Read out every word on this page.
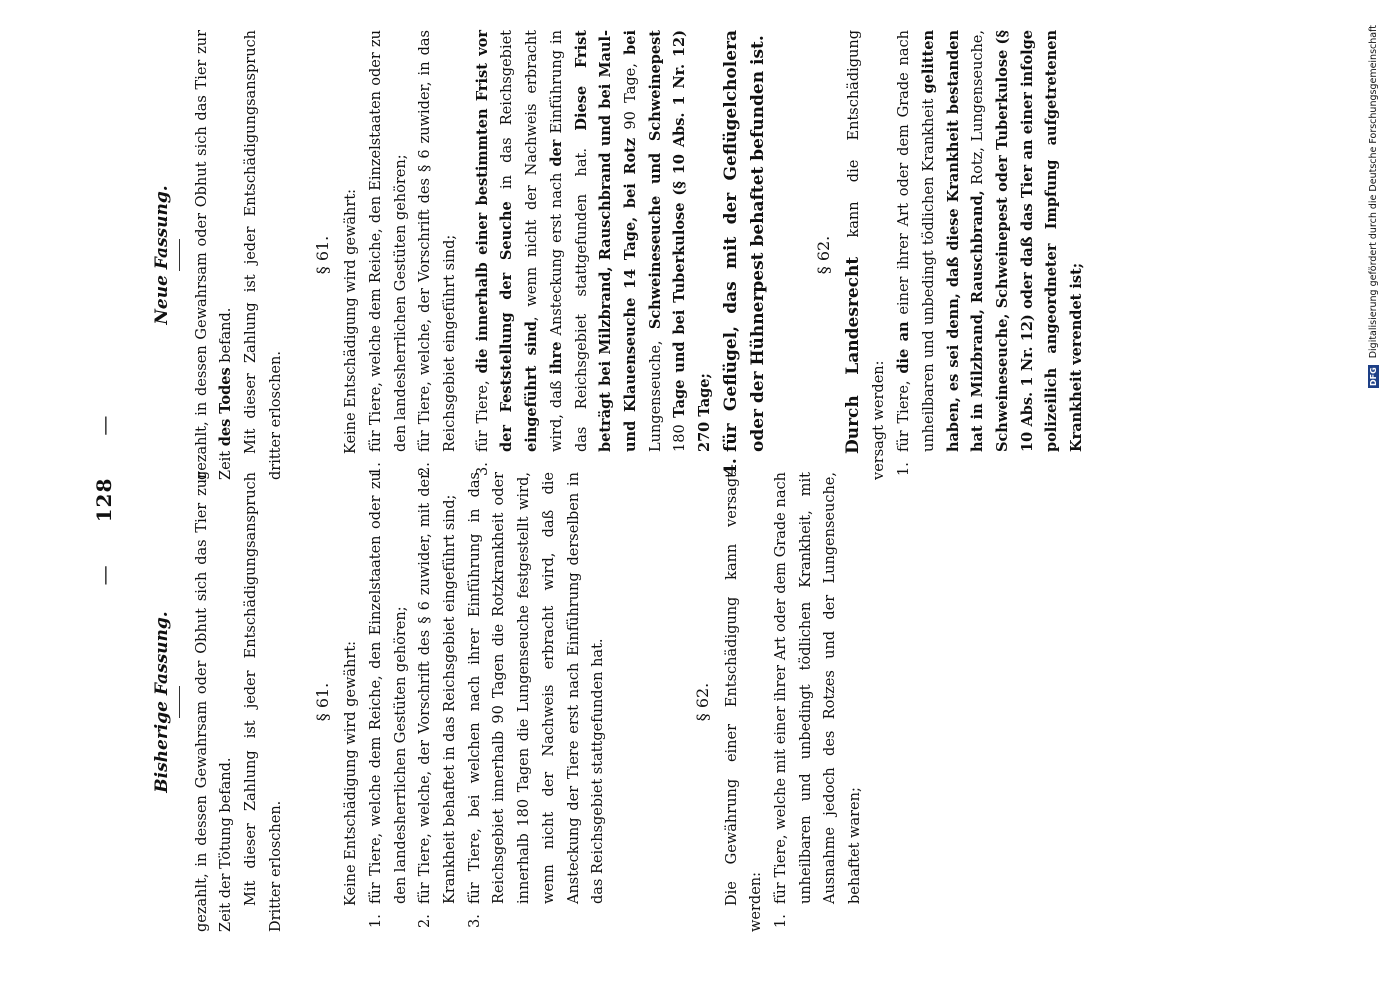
— 128 —
Bisherige Fassung. gezahlt, in dessen Gewahrsam oder Obhut sich das Tier zur Zeit der Tötung befand. Mit dieser Zahlung ist jeder Entschädigungsanspruch Dritter erloschen.

§ 61. Keine Entschädigung wird gewährt:

1.
für Tiere, welche dem Reiche, den Einzelstaaten oder zu den landesherrlichen Gestüten gehören;
2.
für Tiere, welche, der Vorschrift des § 6 zuwider, mit der Krankheit behaftet in das Reichsgebiet eingeführt sind;
3.
für Tiere, bei welchen nach ihrer Einführung in das Reichsgebiet innerhalb 90 Tagen die Rotzkrankheit oder innerhalb 180 Tagen die Lungenseuche festgestellt wird, wenn nicht der Nachweis erbracht wird, daß die Ansteckung der Tiere erst nach Einführung derselben in das Reichsgebiet stattgefunden hat.	§ 62. Die Gewährung einer Entschädigung kann versagt werden: 1.
für Tiere, welche mit einer ihrer Art oder dem Grade nach unheilbaren und unbedingt tödlichen Krankheit, mit Ausnahme jedoch des Rotzes und der Lungenseuche, behaftet waren;
Neue Fassung. gezahlt, in dessen Gewahrsam oder Obhut sich das Tier zur Zeit des Todes befand. Mit dieser Zahlung ist jeder Entschädigungsanspruch dritter erloschen.

§ 61. Keine Entschädigung wird gewährt:

1.
für Tiere, welche dem Reiche, den Einzelstaaten oder zu den landesherrlichen Gestüten gehören;
2.
für Tiere, welche, der Vorschrift des § 6 zuwider, in das Reichsgebiet eingeführt sind;
3.
für Tiere, die innerhalb einer bestimmten Frist vor der Feststellung der Seuche in das Reichsgebiet eingeführt sind, wenn nicht der Nachweis erbracht wird, daß ihre Ansteckung erst nach der Einführung in das Reichsgebiet stattgefunden hat. Diese Frist beträgt bei Milzbrand, Rauschbrand und bei Maul- und Klauenseuche 14 Tage, bei Rotz 90 Tage, bei Lungenseuche, Schweineseuche und Schweinepest 180 Tage und bei Tuberkulose (§ 10 Abs. 1 Nr. 12) 270 Tage;
4.
für Geflügel, das mit der Geflügelcholera oder der Hühnerpest behaftet befunden ist.	§ 62.

Durch Landesrecht kann die Entschädigung versagt werden: 1.
für Tiere, die an einer ihrer Art oder dem Grade nach unheilbaren und unbedingt tödlichen Krankheit gelitten haben, es sei denn, daß diese Krankheit bestanden hat in Milzbrand, Rauschbrand, Rotz, Lungenseuche, Schweineseuche, Schweinepest oder Tuberkulose (§ 10 Abs. 1 Nr. 12) oder daß das Tier an einer infolge polizeilich angeordneter Impfung aufgetretenen Krankheit verendet ist;	DFG Digitalisierung gefördert durch die Deutsche Forschungsgemeinschaft
